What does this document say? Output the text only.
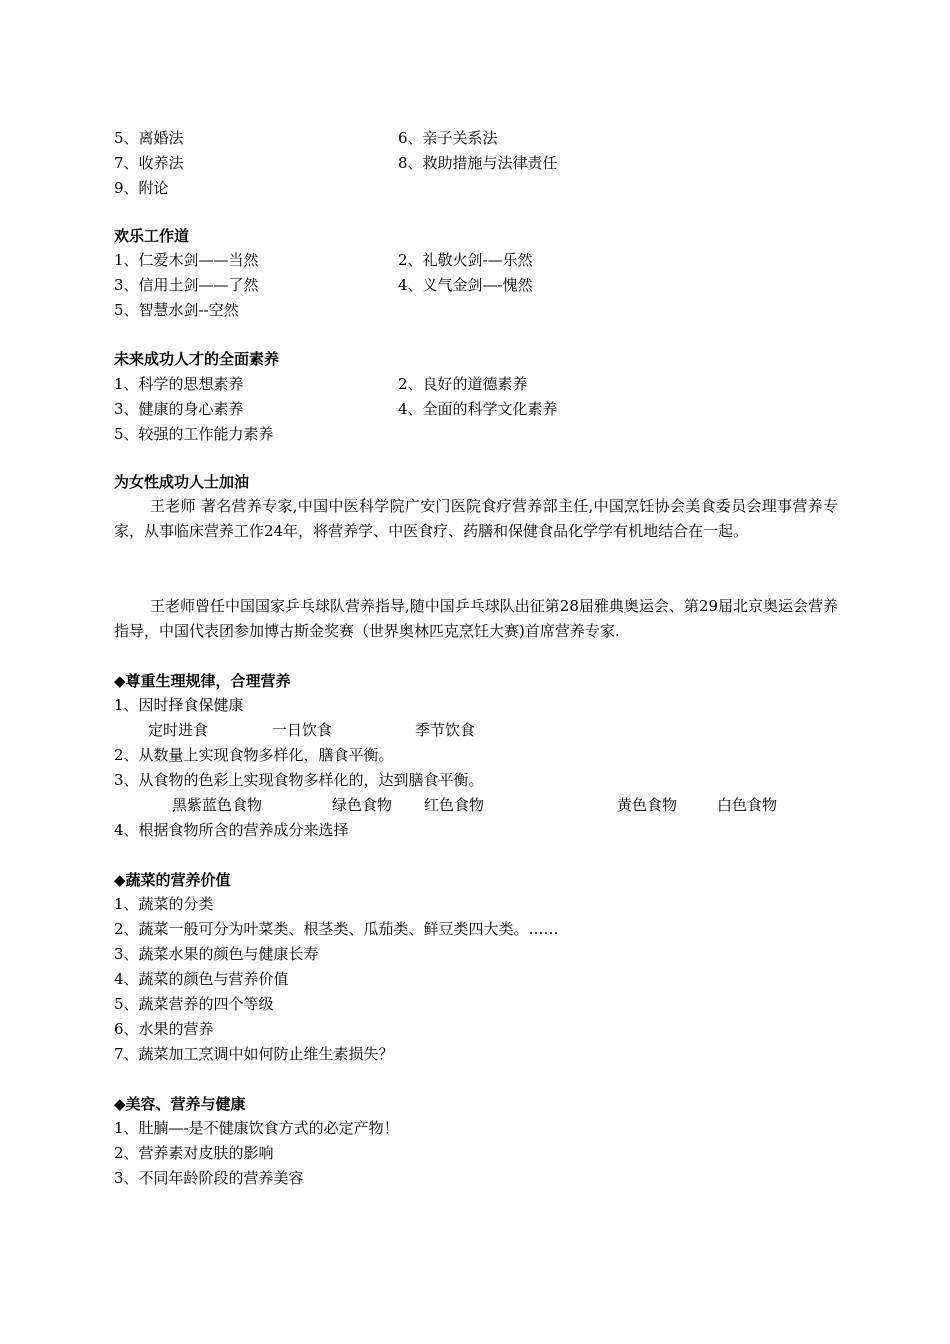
5、离婚法	6、亲子关系法
7、收养法	8、救助措施与法律责任
9、附论
欢乐工作道
1、仁爱木剑——当然	2、礼敬火剑-—乐然
3、信用土剑——了然	4、义气金剑—-愧然
5、智慧水剑--空然
未来成功人才的全面素养
1、科学的思想素养	2、良好的道德素养
3、健康的身心素养	4、全面的科学文化素养
5、较强的工作能力素养
为女性成功人士加油
王老师 著名营养专家,中国中医科学院广安门医院食疗营养部主任,中国烹饪协会美食委员会理事营养专家，从事临床营养工作24年，将营养学、中医食疗、药膳和保健食品化学学有机地结合在一起。
王老师曾任中国国家乒乓球队营养指导,随中国乒乓球队出征第28届雅典奥运会、第29届北京奥运会营养指导，中国代表团参加博古斯金奖赛（世界奥林匹克烹饪大赛)首席营养专家.
◆尊重生理规律，合理营养
1、因时择食保健康
定时进食	一日饮食	季节饮食
2、从数量上实现食物多样化，膳食平衡。
3、从食物的色彩上实现食物多样化的，达到膳食平衡。
黑紫蓝色食物	绿色食物 红色食物	黄色食物	白色食物
4、根据食物所含的营养成分来选择
◆蔬菜的营养价值
1、蔬菜的分类
2、蔬菜一般可分为叶菜类、根茎类、瓜茄类、鲜豆类四大类。……
3、蔬菜水果的颜色与健康长寿
4、蔬菜的颜色与营养价值
5、蔬菜营养的四个等级
6、水果的营养
7、蔬菜加工烹调中如何防止维生素损失？
◆美容、营养与健康
1、肚腩—-是不健康饮食方式的必定产物！
2、营养素对皮肤的影响
3、不同年龄阶段的营养美容
